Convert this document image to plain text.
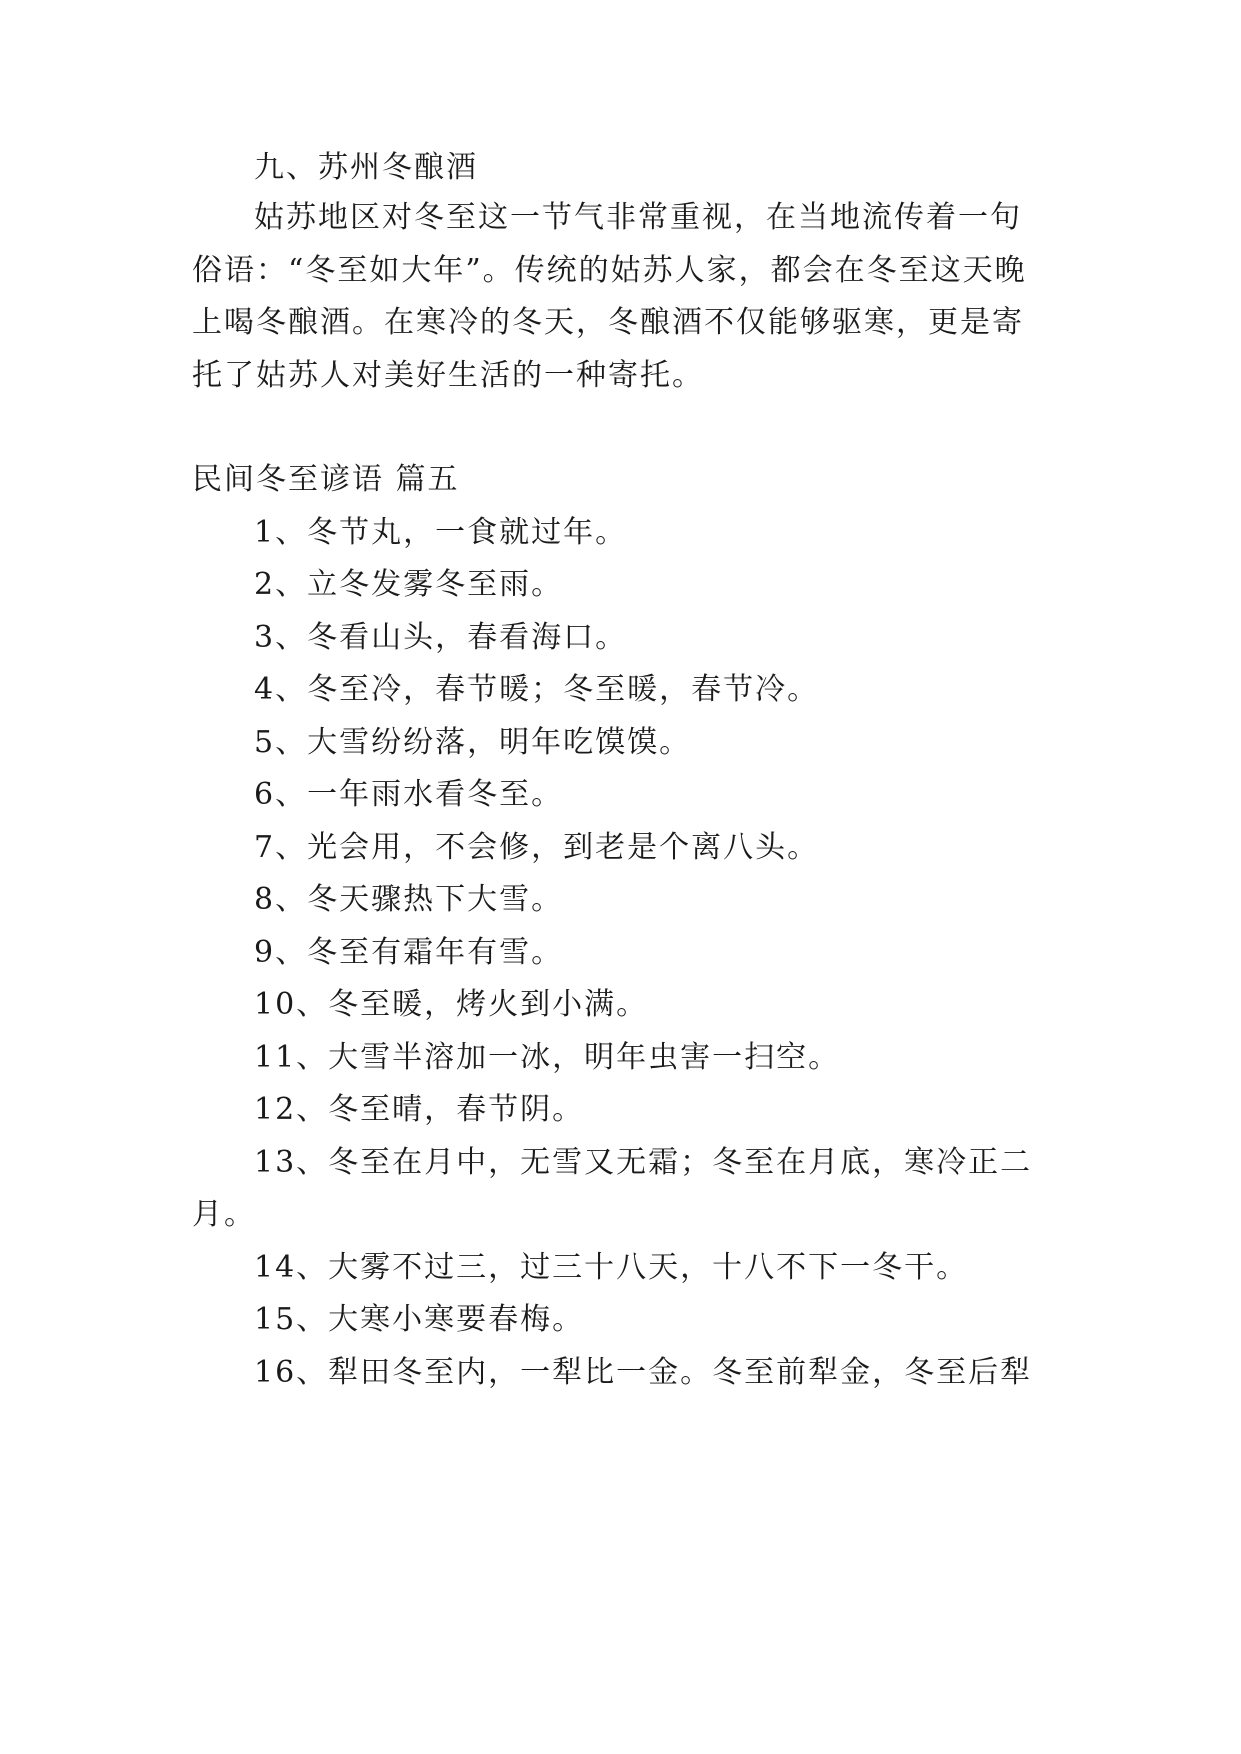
九、苏州冬酿酒
姑苏地区对冬至这一节气非常重视，在当地流传着一句
俗语：“冬至如大年”。传统的姑苏人家，都会在冬至这天晚
上喝冬酿酒。在寒冷的冬天，冬酿酒不仅能够驱寒，更是寄
托了姑苏人对美好生活的一种寄托。
民间冬至谚语 篇五
1、冬节丸，一食就过年。
2、立冬发雾冬至雨。
3、冬看山头，春看海口。
4、冬至冷，春节暖；冬至暖，春节冷。
5、大雪纷纷落，明年吃馍馍。
6、一年雨水看冬至。
7、光会用，不会修，到老是个离八头。
8、冬天骤热下大雪。
9、冬至有霜年有雪。
10、冬至暖，烤火到小满。
11、大雪半溶加一冰，明年虫害一扫空。
12、冬至晴，春节阴。
13、冬至在月中，无雪又无霜；冬至在月底，寒冷正二
月。
14、大雾不过三，过三十八天，十八不下一冬干。
15、大寒小寒要春梅。
16、犁田冬至内，一犁比一金。冬至前犁金，冬至后犁
